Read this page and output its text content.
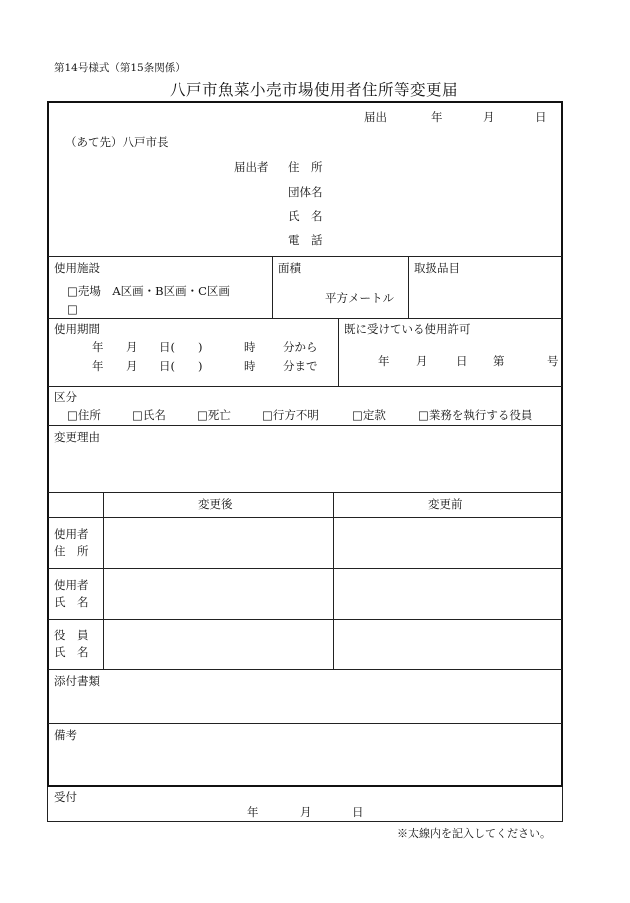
第14号様式（第15条関係）
八戸市魚菜小売市場使用者住所等変更届
届出	年	月	日
（あて先）八戸市長
届出者 住　所
団体名
氏　名
電　話
使用施設
□売場　A区画・B区画・C区画
□
面積
平方メートル
取扱品目
使用期間
年 月 日(　　)	時 分から
年 月 日(　　)	時 分まで
既に受けている使用許可
年 月 日 第	号
区分
□住所	□氏名	□死亡	□行方不明	□定款	□業務を執行する役員
変更理由
変更後	変更前
使用者
住　所
使用者
氏　名
役　員
氏　名
添付書類
備考
受付
年	月	日
※太線内を記入してください。
